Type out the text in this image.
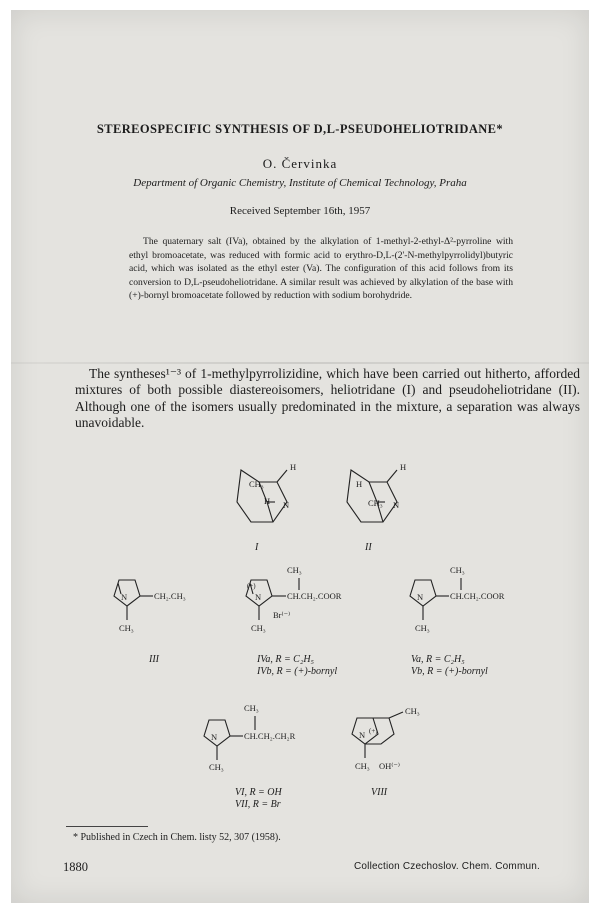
STEREOSPECIFIC SYNTHESIS OF D,L-PSEUDOHELIOTRIDANE*
O. Červinka
Department of Organic Chemistry, Institute of Chemical Technology, Praha
Received September 16th, 1957
The quaternary salt (IVa), obtained by the alkylation of 1-methyl-2-ethyl-Δ²-pyrroline with ethyl bromoacetate, was reduced with formic acid to erythro-D,L-(2'-N-methylpyrrolidyl)butyric acid, which was isolated as the ethyl ester (Va). The configuration of this acid follows from its conversion to D,L-pseudoheliotridane. A similar result was achieved by alkylation of the base with (+)-bornyl bromoacetate followed by reduction with sodium borohydride.
The syntheses¹⁻³ of 1-methylpyrrolizidine, which have been carried out hitherto, afforded mixtures of both possible diastereoisomers, heliotridane (I) and pseudoheliotridane (II). Although one of the isomers usually predominated in the mixture, a separation was always unavoidable.
CH₃
H
H N
H
H
CH₃ N
N	CH₂.CH₃
CH₃
(+)
N
CH₃
CH.CH₂.COOR
Br⁽⁻⁾
CH₃
N
CH₃
CH.CH₂.COOR
CH₃
N
CH₃
CH.CH₂.CH₂R
CH₃
N (+)
CH₃
CH₃ OH⁽⁻⁾
I	II
III	IVa, R = C₂H₅
IVb, R = (+)-bornyl
Va, R = C₂H₅
Vb, R = (+)-bornyl
VI, R = OH
VII, R = Br
VIII
* Published in Czech in Chem. listy 52, 307 (1958).
1880	Collection Czechoslov. Chem. Commun.
